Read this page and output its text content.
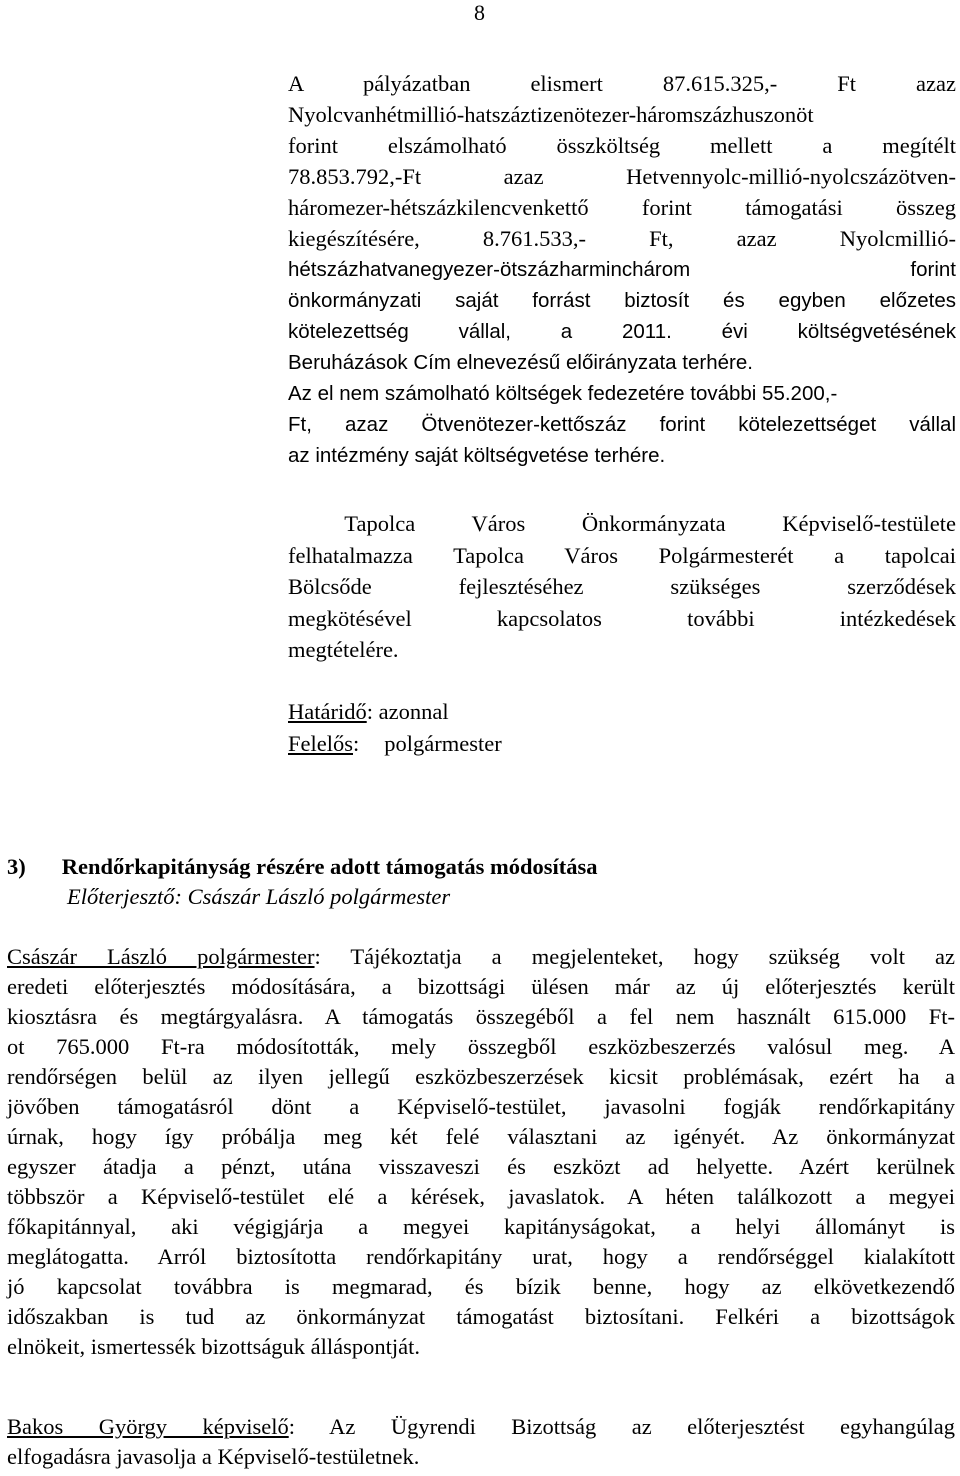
8
A pályázatban elismert 87.615.325,- Ft azaz
Nyolcvanhétmillió-hatszáztizenötezer-háromszázhuszonöt
forint elszámolható összköltség mellett a megítélt
78.853.792,-Ft azaz Hetvennyolc-millió-nyolcszázötven-
háromezer-hétszázkilencvenkettő forint támogatási összeg
kiegészítésére, 8.761.533,- Ft, azaz Nyolcmillió-
hétszázhatvanegyezer-ötszázharminchárom forint
önkormányzati saját forrást biztosít és egyben előzetes
kötelezettség vállal, a 2011. évi költségvetésének
Beruházások Cím elnevezésű előirányzata terhére.
Az el nem számolható költségek fedezetére további 55.200,-
Ft, azaz Ötvenötezer-kettőszáz forint kötelezettséget vállal
az intézmény saját költségvetése terhére.
Tapolca Város Önkormányzata Képviselő-testülete
felhatalmazza Tapolca Város Polgármesterét a tapolcai
Bölcsőde fejlesztéséhez szükséges szerződések
megkötésével kapcsolatos további intézkedések
megtételére.
Határidő: azonnal
Felelős: polgármester
3) Rendőrkapitányság részére adott támogatás módosítása
Előterjesztő: Császár László polgármester
Császár László polgármester: Tájékoztatja a megjelenteket, hogy szükség volt az
eredeti előterjesztés módosítására, a bizottsági ülésen már az új előterjesztés került
kiosztásra és megtárgyalásra. A támogatás összegéből a fel nem használt 615.000 Ft-
ot 765.000 Ft-ra módosították, mely összegből eszközbeszerzés valósul meg. A
rendőrségen belül az ilyen jellegű eszközbeszerzések kicsit problémásak, ezért ha a
jövőben támogatásról dönt a Képviselő-testület, javasolni fogják rendőrkapitány
úrnak, hogy így próbálja meg két felé választani az igényét. Az önkormányzat
egyszer átadja a pénzt, utána visszaveszi és eszközt ad helyette. Azért kerülnek
többször a Képviselő-testület elé a kérések, javaslatok. A héten találkozott a megyei
főkapitánnyal, aki végigjárja a megyei kapitányságokat, a helyi állományt is
meglátogatta. Arról biztosította rendőrkapitány urat, hogy a rendőrséggel kialakított
jó kapcsolat továbbra is megmarad, és bízik benne, hogy az elkövetkezendő
időszakban is tud az önkormányzat támogatást biztosítani. Felkéri a bizottságok
elnökeit, ismertessék bizottságuk álláspontját.
Bakos György képviselő: Az Ügyrendi Bizottság az előterjesztést egyhangúlag
elfogadásra javasolja a Képviselő-testületnek.
